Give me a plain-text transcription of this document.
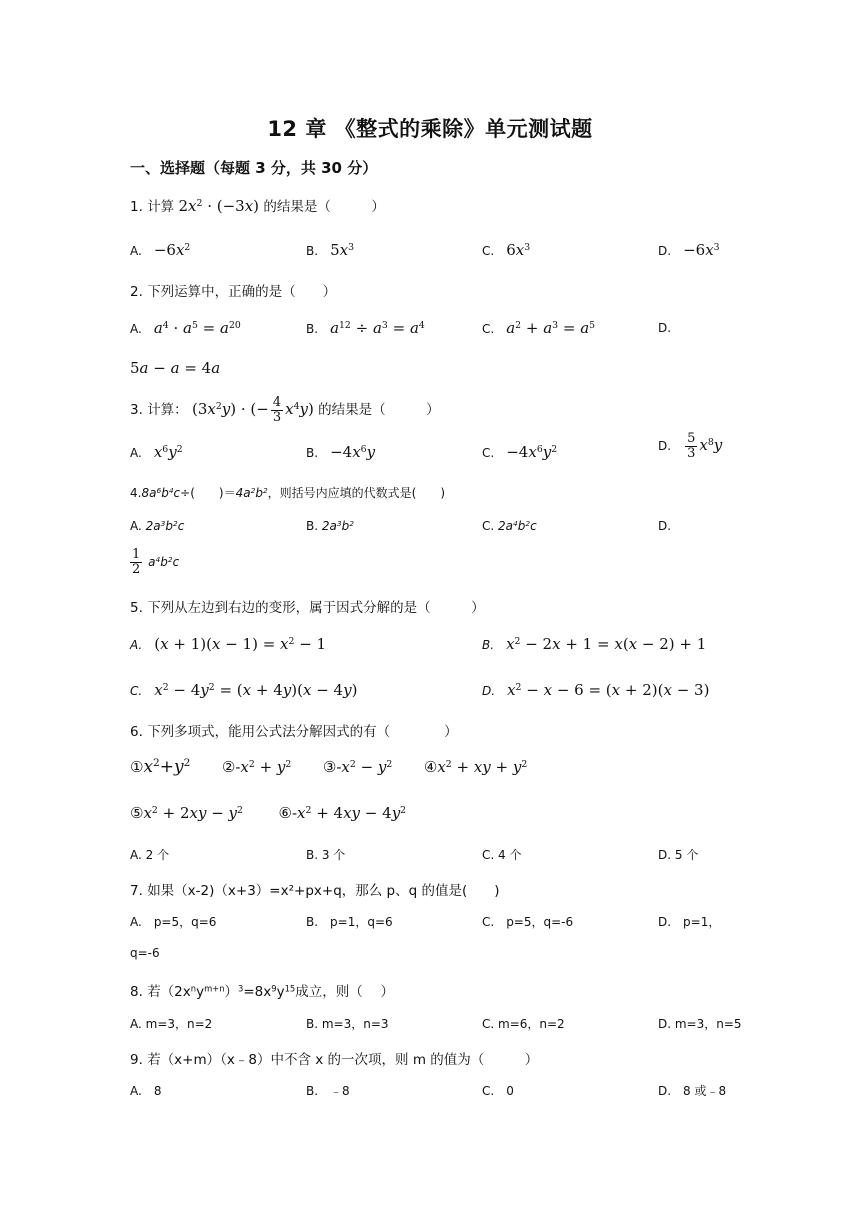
12 章 《整式的乘除》单元测试题
一、选择题（每题 3 分，共 30 分）
1. 计算 $2x^2 \cdot (-3x)$ 的结果是（　　　）
A.　 $-6x^2$	B.　 $5x^3$	C.　 $6x^3$	D.　 $-6x^3$
2. 下列运算中，正确的是（　　）
A.　 $a^4 \cdot a^5 = a^{20}$	B.　 $a^{12} \div a^3 = a^4$	C.　 $a^2 + a^3 = a^5$	D.
5a − a = 4a
3. 计算： $(3x^2y)$ · (− $\frac{4}{3} x^4y$) 的结果是（　　　）
A.　 $x^6y^2$	B.　 $-4x^6y$	C.　 $-4x^6y^2$	D.　 $\frac{5}{3} x^8y$
$4.8a^6b^4c\div$(　　)$=4a^2b^2$，则括号内应填的代数式是(　　)
A. $2a^3b^2c$	B. $2a^3b^2$	C. $2a^4b^2c$	D.
$\frac{1}{2} a^4b^2c$
5. 下列从左边到右边的变形，属于因式分解的是（　　　）
A.　 $(x + 1)(x - 1) = x^2 - 1$	B.　 $x^2 - 2x + 1 = x(x - 2) + 1$
C.　 $x^2 - 4y^2 = (x + 4y)(x - 4y)$	D.　 $x^2 - x - 6 = (x + 2)(x - 3)$
6. 下列多项式，能用公式法分解因式的有（　　　　）
$①x^2+y^2$ $②-x^2 + y^2$ $③-x^2 - y^2$ $④x^2$ + xy + $y^2$
$⑤x^2 + 2xy - y^2$ $⑥-x^2 + 4xy - 4y^2$
A. 2 个	B. 3 个	C. 4 个	D. 5 个
7. 如果（x-2)（x+3）=x²+px+q，那么 p、q 的值是(　　)
A.　p=5，q=6	B.　p=1，q=6	C.　p=5，q=-6	D.　p=1，
q=-6
8. 若$(2x^ny^{m+n})^3=8x^9y^{15}$成立，则（　 ）
A. m=3，n=2	B. m=3，n=3	C. m=6，n=2	D. m=3，n=5
9. 若（x+m）（x﹣8）中不含 x 的一次项，则 m 的值为（　　　）
A.　8	B.　﹣8	C.　0	D.　8 或﹣8
